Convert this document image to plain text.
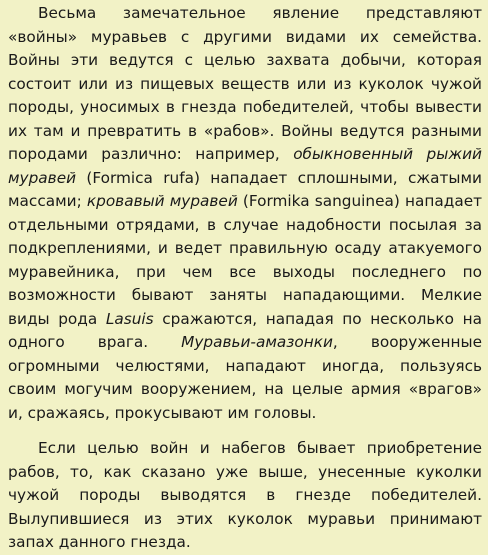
Весьма замечательное явление представляют «войны» муравьев с другими видами их семейства. Войны эти ведутся с целью захвата добычи, которая состоит или из пищевых веществ или из куколок чужой породы, уносимых в гнезда победителей, чтобы вывести их там и превратить в «рабов». Войны ведутся разными породами различно: например, обыкновенный рыжий муравей (Formica rufa) нападает сплошными, сжатыми массами; кровавый муравей (Formika sanguinea) нападает отдельными отрядами, в случае надобности посылая за подкреплениями, и ведет правильную осаду атакуемого муравейника, при чем все выходы последнего по возможности бывают заняты нападающими. Мелкие виды рода Lasuis сражаются, нападая по несколько на одного врага. Муравьи-амазонки, вооруженные огромными челюстями, нападают иногда, пользуясь своим могучим вооружением, на целые армия «врагов» и, сражаясь, прокусывают им головы.

Если целью войн и набегов бывает приобретение рабов, то, как сказано уже выше, унесенные куколки чужой породы выводятся в гнезде победителей. Вылупившиеся из этих куколок муравьи принимают запах данного гнезда.
